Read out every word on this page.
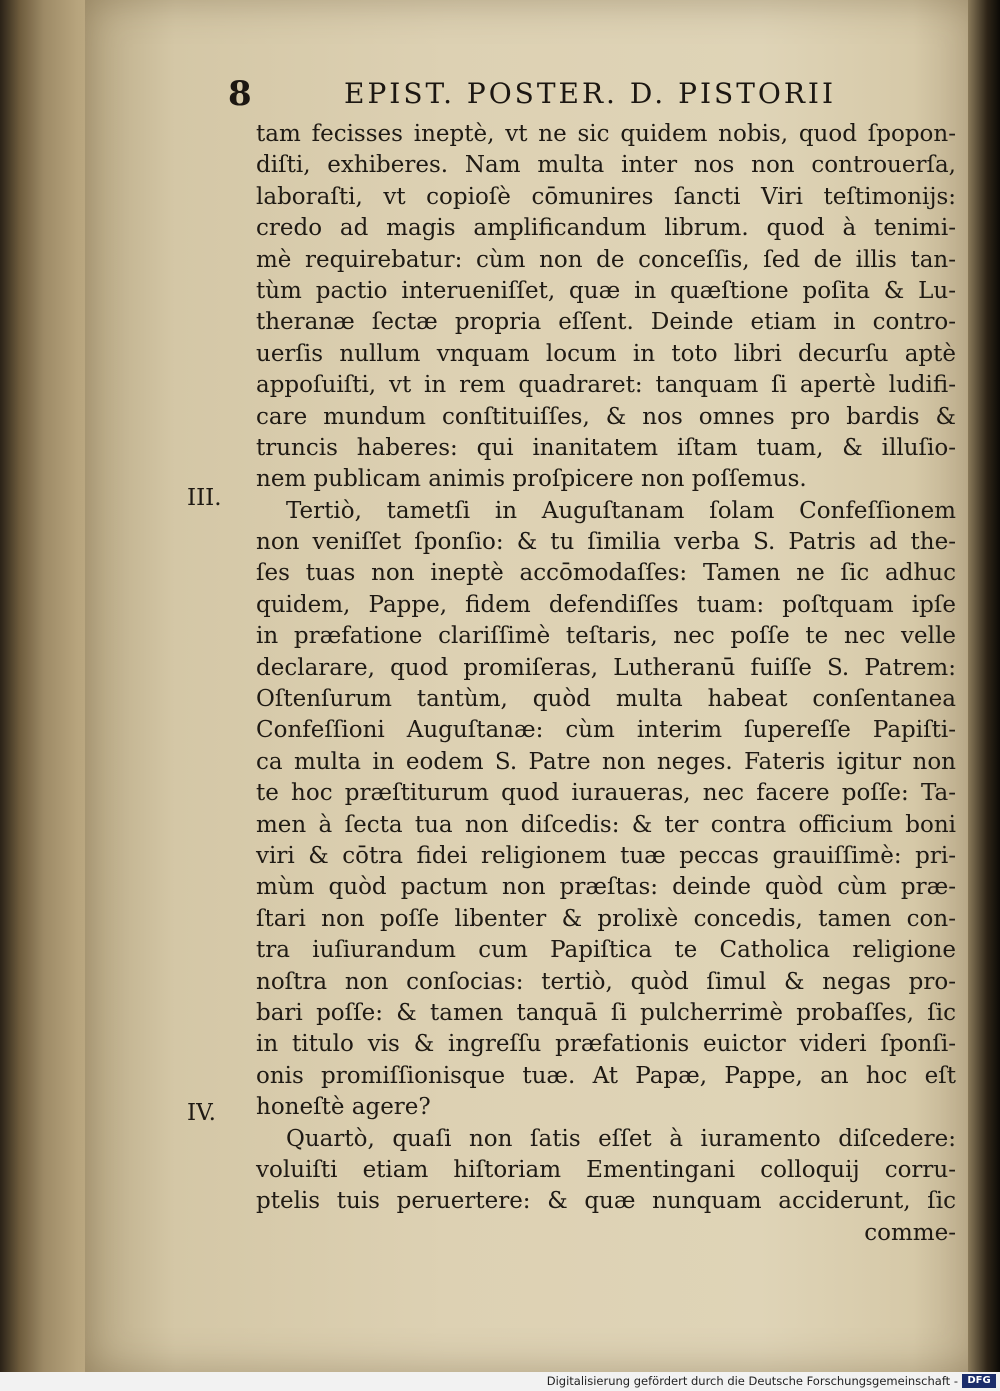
8	EPIST. POSTER. D. PISTORII
III.
IV.
tam fecisses ineptè, vt ne sic quidem nobis, quod ſpopon-
diſti, exhiberes. Nam multa inter nos non controuerſa,
laboraſti, vt copioſè cōmunires ſancti Viri teſtimonijs:
credo ad magis amplificandum librum. quod à tenimi-
mè requirebatur: cùm non de conceſſis, ſed de illis tan-
tùm pactio interueniſſet, quæ in quæſtione poſita & Lu-
theranæ ſectæ propria eſſent. Deinde etiam in contro-
uerſis nullum vnquam locum in toto libri decurſu aptè
appoſuiſti, vt in rem quadraret: tanquam ſi apertè ludifi-
care mundum conſtituiſſes, & nos omnes pro bardis &
truncis haberes: qui inanitatem iſtam tuam, & illuſio-
nem publicam animis proſpicere non poſſemus.
Tertiò, tametſi in Auguſtanam ſolam Confeſſionem
non veniſſet ſponſio: & tu ſimilia verba S. Patris ad the-
ſes tuas non ineptè accōmodaſſes: Tamen ne ſic adhuc
quidem, Pappe, fidem defendiſſes tuam: poſtquam ipſe
in præfatione clariſſimè teſtaris, nec poſſe te nec velle
declarare, quod promiſeras, Lutheranū fuiſſe S. Patrem:
Oſtenſurum tantùm, quòd multa habeat conſentanea
Confeſſioni Auguſtanæ: cùm interim ſupereſſe Papiſti-
ca multa in eodem S. Patre non neges. Fateris igitur non
te hoc præſtiturum quod iurauеras, nec facere poſſe: Ta-
men à ſecta tua non diſcedis: & ter contra officium boni
viri & cōtra fidei religionem tuæ peccas grauiſſimè: pri-
mùm quòd pactum non præſtas: deinde quòd cùm præ-
ſtari non poſſe libenter & prolixè concedis, tamen con-
tra iuſiurandum cum Papiſtica te Catholica religione
noſtra non conſocias: tertiò, quòd ſimul & negas pro-
bari poſſe: & tamen tanquā ſi pulcherrimè probaſſes, ſic
in titulo vis & ingreſſu præfationis euictor videri ſponſi-
onis promiſſionisque tuæ. At Papæ, Pappe, an hoc eſt
honeſtè agere?
Quartò, quaſi non ſatis eſſet à iuramento diſcedere:
voluiſti etiam hiſtoriam Ementingani colloquij corru-
ptelis tuis peruertere: & quæ nunquam acciderunt, ſic
comme-
Digitalisierung gefördert durch die Deutsche Forschungsgemeinschaft - DFG
